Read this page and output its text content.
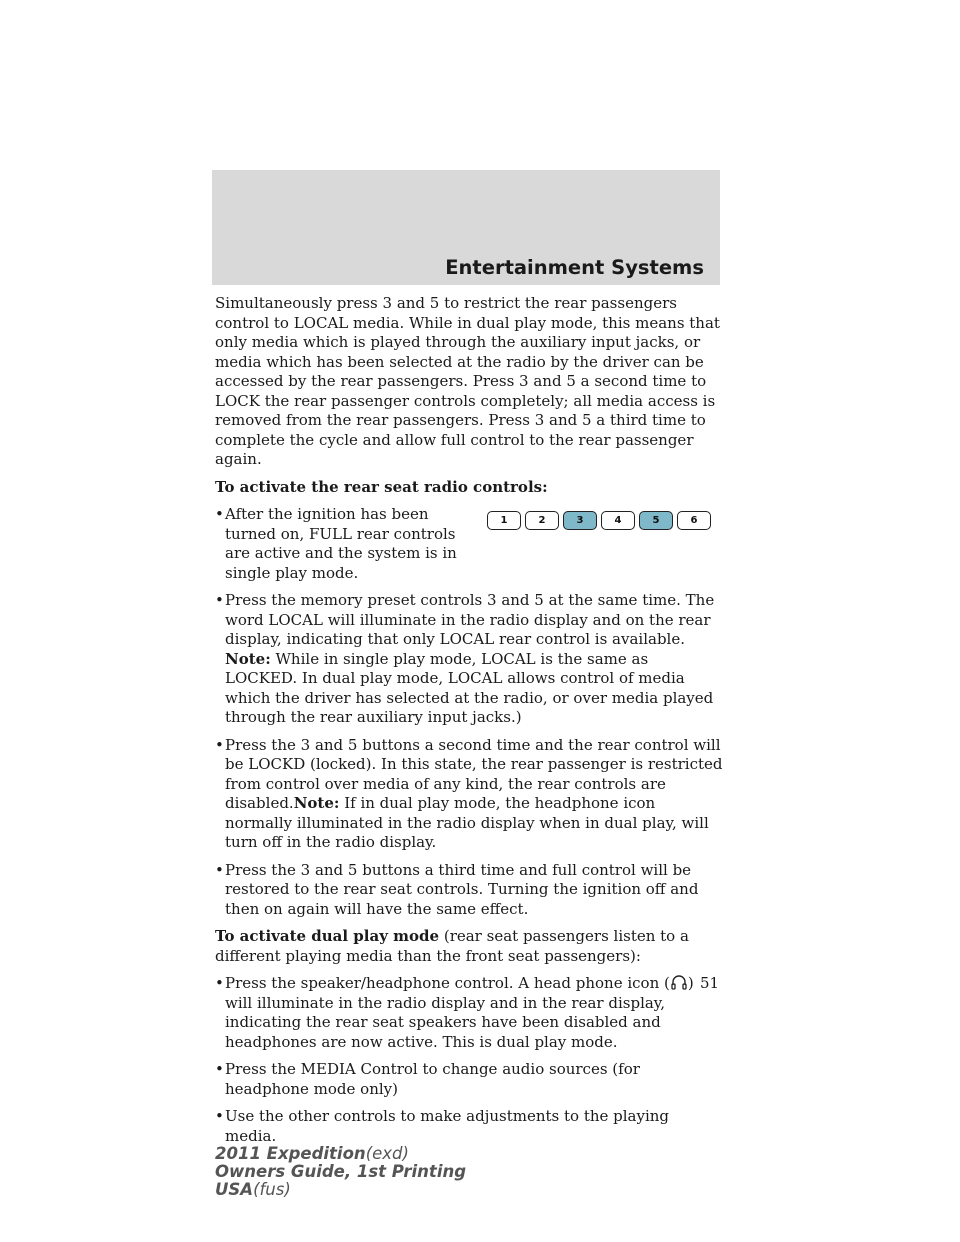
Entertainment Systems

Simultaneously press 3 and 5 to restrict the rear passengers control to LOCAL media. While in dual play mode, this means that only media which is played through the auxiliary input jacks, or media which has been selected at the radio by the driver can be accessed by the rear passengers. Press 3 and 5 a second time to LOCK the rear passenger controls completely; all media access is removed from the rear passengers. Press 3 and 5 a third time to complete the cycle and allow full control to the rear passenger again.

To activate the rear seat radio controls:

• After the ignition has been turned on, FULL rear controls are active and the system is in single play mode.
1	2	3	4	5	6
• Press the memory preset controls 3 and 5 at the same time. The word LOCAL will illuminate in the radio display and on the rear display, indicating that only LOCAL rear control is available. Note: While in single play mode, LOCAL is the same as LOCKED. In dual play mode, LOCAL allows control of media which the driver has selected at the radio, or over media played through the rear auxiliary input jacks.)
• Press the 3 and 5 buttons a second time and the rear control will be LOCKD (locked). In this state, the rear passenger is restricted from control over media of any kind, the rear controls are disabled.Note: If in dual play mode, the headphone icon normally illuminated in the radio display when in dual play, will turn off in the radio display.
• Press the 3 and 5 buttons a third time and full control will be restored to the rear seat controls. Turning the ignition off and then on again will have the same effect.

To activate dual play mode (rear seat passengers listen to a different playing media than the front seat passengers):

• Press the speaker/headphone control. A head phone icon ( ) will illuminate in the radio display and in the rear display, indicating the rear seat speakers have been disabled and headphones are now active. This is dual play mode.
• Press the MEDIA Control to change audio sources (for headphone mode only)
• Use the other controls to make adjustments to the playing media.
51
2011 Expedition(exd)
Owners Guide, 1st Printing
USA(fus)
